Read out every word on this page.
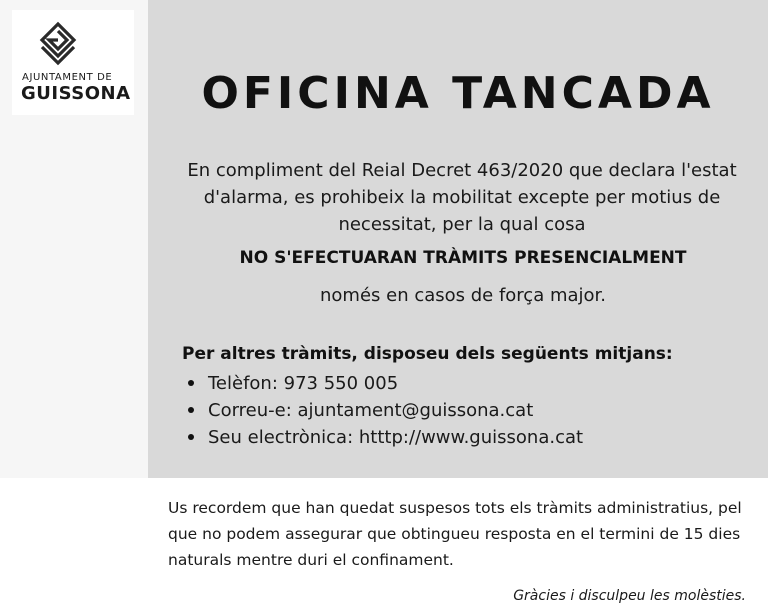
AJUNTAMENT DE
GUISSONA	OFICINA TANCADA
En compliment del Reial Decret 463/2020 que declara l'estat d'alarma, es prohibeix la mobilitat excepte per motius de necessitat, per la qual cosa
NO S'EFECTUARAN TRÀMITS PRESENCIALMENT
només en casos de força major.
Per altres tràmits, disposeu dels següents mitjans:
Telèfon: 973 550 005
Correu-e: ajuntament@guissona.cat
Seu electrònica: htttp://www.guissona.cat
Us recordem que han quedat suspesos tots els tràmits administratius, pel que no podem assegurar que obtingueu resposta en el termini de 15 dies naturals mentre duri el confinament.
Gràcies i disculpeu les molèsties.
